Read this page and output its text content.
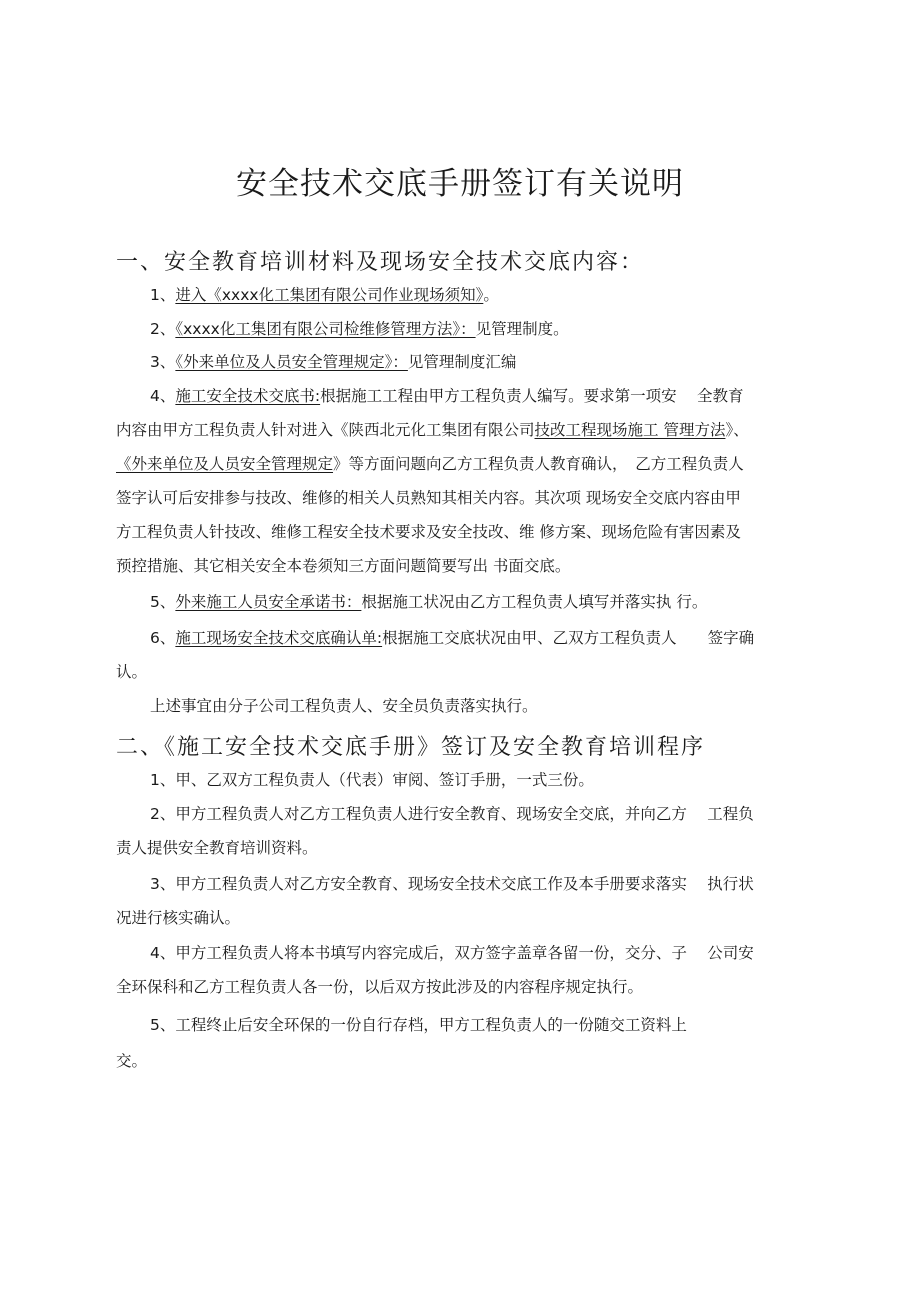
安全技术交底手册签订有关说明
一、安全教育培训材料及现场安全技术交底内容：
1、进入《xxxx化工集团有限公司作业现场须知》。
2、《xxxx化工集团有限公司检维修管理方法》：见管理制度。
3、《外来单位及人员安全管理规定》：见管理制度汇编
4、施工安全技术交底书:根据施工工程由甲方工程负责人编写。要求第一项安　 全教育
内容由甲方工程负责人针对进入《陕西北元化工集团有限公司技改工程现场施工 管理方法》、
《外来单位及人员安全管理规定》等方面问题向乙方工程负责人教育确认，　乙方工程负责人
签字认可后安排参与技改、维修的相关人员熟知其相关内容。其次项 现场安全交底内容由甲
方工程负责人针技改、维修工程安全技术要求及安全技改、维 修方案、现场危险有害因素及
预控措施、其它相关安全本卷须知三方面问题简要写出 书面交底。
5、外来施工人员安全承诺书：根据施工状况由乙方工程负责人填写并落实执 行。
6、施工现场安全技术交底确认单:根据施工交底状况由甲、乙双方工程负责人　　签字确
认。
上述事宜由分子公司工程负责人、安全员负责落实执行。
二、《施工安全技术交底手册》签订及安全教育培训程序
1、甲、乙双方工程负责人（代表）审阅、签订手册，一式三份。
2、甲方工程负责人对乙方工程负责人进行安全教育、现场安全交底，并向乙方　 工程负
责人提供安全教育培训资料。
3、甲方工程负责人对乙方安全教育、现场安全技术交底工作及本手册要求落实　 执行状
况进行核实确认。
4、甲方工程负责人将本书填写内容完成后，双方签字盖章各留一份，交分、子　 公司安
全环保科和乙方工程负责人各一份，以后双方按此涉及的内容程序规定执行。
5、工程终止后安全环保的一份自行存档，甲方工程负责人的一份随交工资料上
交。
